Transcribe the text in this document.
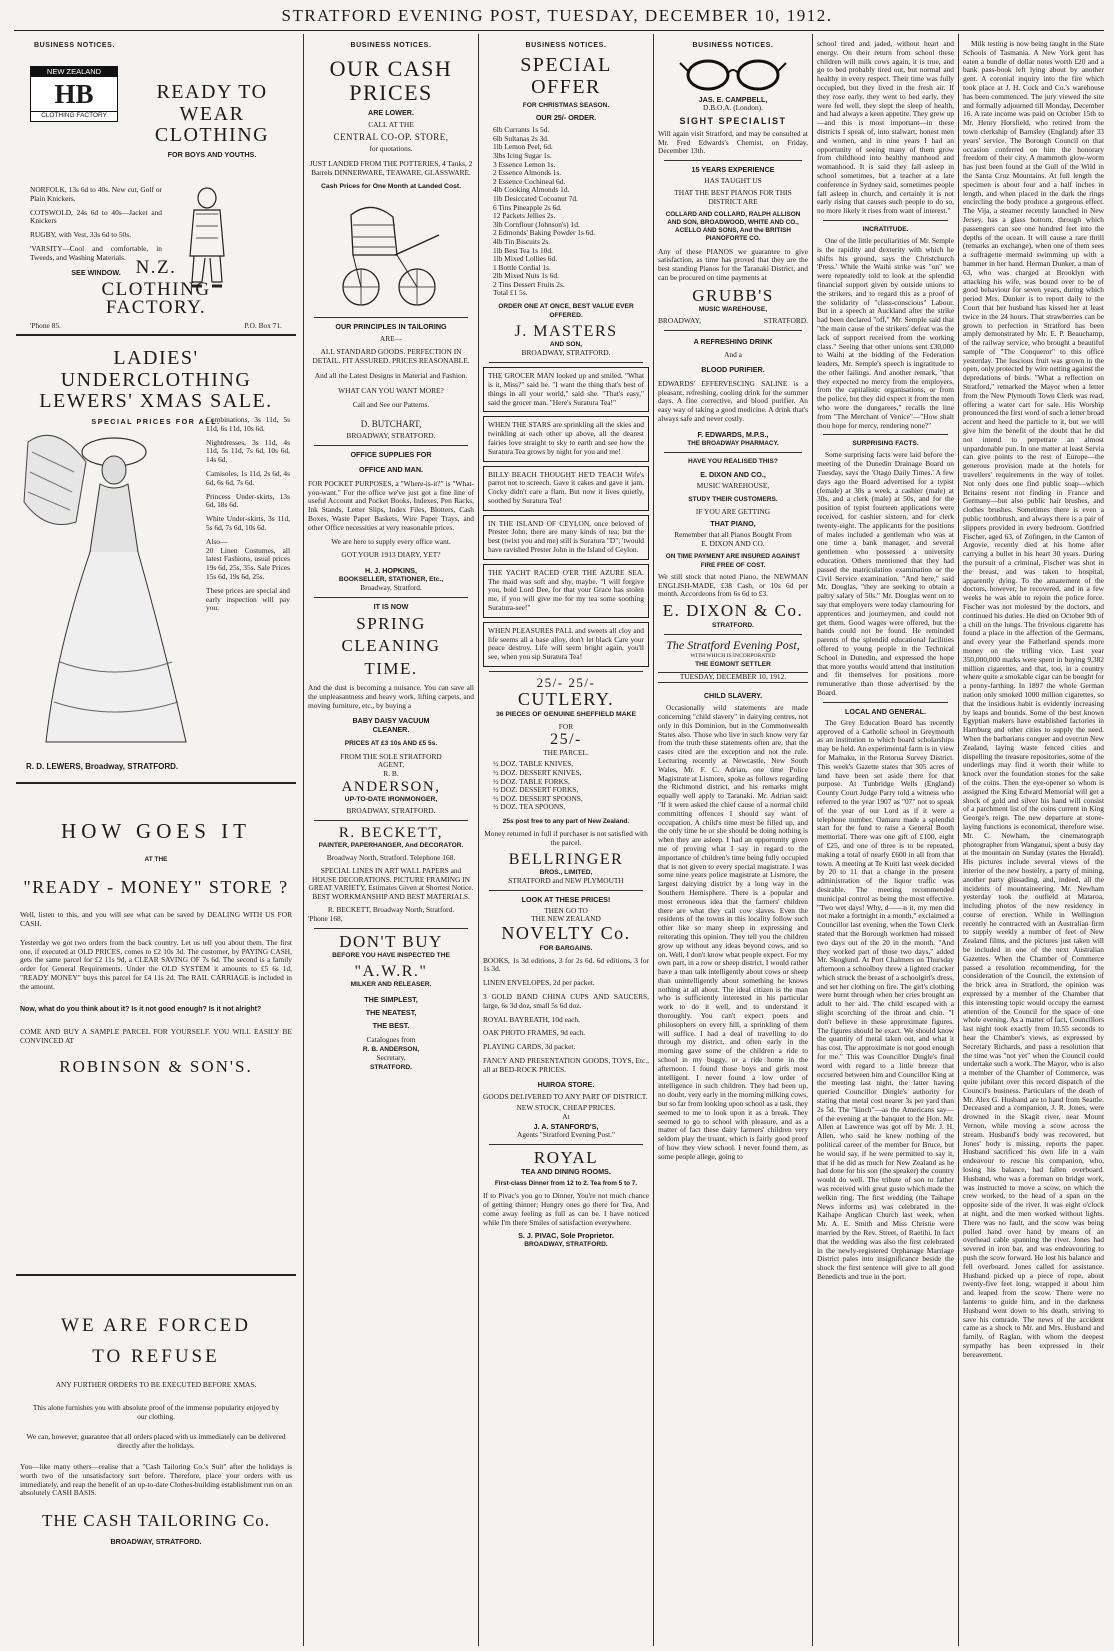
STRATFORD EVENING POST, TUESDAY, DECEMBER 10, 1912.
BUSINESS NOTICES.
NEW ZEALAND
HB
CLOTHING FACTORY
READY TO
WEAR
CLOTHING
FOR BOYS AND YOUTHS.
NORFOLK, 13s 6d to 40s. New cut, Golf or Plain Knickers.
COTSWOLD, 24s 6d to 40s—Jacket and Knickers
RUGBY, with Vest, 33s 6d to 50s.
'VARSITY—Cool and comfortable, in Tweeds, and Washing Materials.
SEE WINDOW. N.Z.
CLOTHING
FACTORY.
'Phone 85.	P.O. Box 71.
LADIES' UNDERCLOTHING
LEWERS' XMAS SALE.
SPECIAL PRICES FOR ALL.
Combinations, 3s 11d, 5s 11d, 6s 11d, 10s 6d.
Nightdresses, 3s 11d, 4s 11d, 5s 11d, 7s 6d, 10s 6d, 14s 6d.
Camisoles, 1s 11d, 2s 6d, 4s 6d, 6s 6d, 7s 6d.
Princess Under-skirts, 13s 6d, 18s 6d.
White Under-skirts, 3s 11d, 5s 6d, 7s 6d, 10s 6d.
Also—
20 Linen Costumes, all latest Fashions, usual prices 19s 6d, 25s, 35s. Sale Prices 15s 6d, 19s 6d, 25s.
These prices are special and early inspection will pay you.
R. D. LEWERS, Broadway, STRATFORD.
HOW GOES IT
AT THE
"READY - MONEY" STORE ?
Well, listen to this, and you will see what can be saved by DEALING WITH US FOR CASH.
Yesterday we got two orders from the back country. Let us tell you about them. The first one, if executed at OLD PRICES, comes to £2 10s 3d. The customer, by PAYING CASH, gets the same parcel for £2 11s 9d, a CLEAR SAVING OF 7s 6d. The second is a family order for General Requirements. Under the OLD SYSTEM it amounts to £5 6s 1d, "READY MONEY" buys this parcel for £4 11s 2d. The RAIL CARRIAGE is included in the amount.
Now, what do you think about it? Is it not good enough? Is it not alright?
COME AND BUY A SAMPLE PARCEL FOR YOURSELF. YOU WILL EASILY BE CONVINCED AT
ROBINSON & SON'S.
WE ARE FORCED
TO REFUSE
ANY FURTHER ORDERS TO BE EXECUTED BEFORE XMAS.
This alone furnishes you with absolute proof of the immense popularity enjoyed by our clothing.
We can, however, guarantee that all orders placed with us immediately can be delivered directly after the holidays.
You—like many others—realise that a "Cash Tailoring Co.'s Suit" after the holidays is worth two of the unsatisfactory sort before. Therefore, place your orders with us immediately, and reap the benefit of an up-to-date Clothes-building establishment run on an absolutely CASH BASIS.
THE CASH TAILORING Co.
BROADWAY, STRATFORD.
BUSINESS NOTICES.
OUR CASH
PRICES
ARE LOWER.
CALL AT THE
CENTRAL CO-OP. STORE,
for quotations.
JUST LANDED FROM THE POTTERIES, 4 Tanks, 2 Barrels DINNERWARE, TEAWARE, GLASSWARE.
Cash Prices for One Month at Landed Cost.
OUR PRINCIPLES IN TAILORING
ARE—
ALL STANDARD GOODS. PERFECTION IN DETAIL. FIT ASSURED. PRICES REASONABLE.
And all the Latest Designs in Material and Fashion.
WHAT CAN YOU WANT MORE?
Call and See our Patterns.
D. BUTCHART,
BROADWAY, STRATFORD.
OFFICE SUPPLIES FOR
OFFICE AND MAN.
FOR POCKET PURPOSES, a "Where-is-it?" is "What-you-want." For the office we've just got a fine line of useful Account and Pocket Books, Indexes, Pen Racks, Ink Stands, Letter Slips, Index Files, Blotters, Cash Boxes, Waste Paper Baskets, Wire Paper Trays, and other Office necessities at very reasonable prices.
We are here to supply every office want.
GOT YOUR 1913 DIARY, YET?
H. J. HOPKINS,
BOOKSELLER, STATIONER, Etc.,
Broadway, Stratford.
IT IS NOW
SPRING
CLEANING
TIME.
And the dust is becoming a nuisance. You can save all the unpleasantness and heavy work, lifting carpets, and moving furniture, etc., by buying a
BABY DAISY VACUUM
CLEANER.
PRICES AT £3 10s AND £5 5s.
FROM THE SOLE STRATFORD
AGENT,
R. B.
ANDERSON,
UP-TO-DATE IRONMONGER,
BROADWAY, STRATFORD.
R. BECKETT,
PAINTER, PAPERHANGER, And DECORATOR.
Broadway North, Stratford. Telephone 168.
SPECIAL LINES IN ART WALL PAPERS and HOUSE DECORATIONS. PICTURE FRAMING IN GREAT VARIETY. Estimates Given at Shortest Notice. BEST WORKMANSHIP AND BEST MATERIALS.
R. BECKETT, Broadway North, Stratford.
'Phone 168,
DON'T BUY
BEFORE YOU HAVE INSPECTED THE
"A.W.R."
MILKER AND RELEASER.
THE SIMPLEST,
THE NEATEST,
THE BEST.
Catalogues from
R. B. ANDERSON,
Secretary,
STRATFORD.
BUSINESS NOTICES.
SPECIAL
OFFER
FOR CHRISTMAS SEASON.
OUR 25/- ORDER.
6lb Currants 1s 5d.
6lb Sultanas 2s 3d.
1lb Lemon Peel, 6d.
3lbs Icing Sugar 1s.
3 Essence Lemon 1s.
2 Essence Almonds 1s.
2 Essence Cochineal 6d.
4lb Cooking Almonds 1d.
1lb Desiccated Cocoanut 7d.
6 Tins Pineapple 2s 6d.
12 Packets Jellies 2s.
3lb Cornflour (Johnson's) 1d.
2 Edmonds' Baking Powder 1s 6d.
4lb Tin Biscuits 2s.
1lb Best Tea 1s 10d.
1lb Mixed Lollies 6d.
1 Bottle Cordial 1s.
2lb Mixed Nuts 1s 6d.
2 Tins Dessert Fruits 2s.
Total £1 5s.
ORDER ONE AT ONCE, BEST VALUE EVER OFFERED.
J. MASTERS
AND SON,
BROADWAY, STRATFORD.
THE GROCER MAN looked up and smiled. "What is it, Miss?" said he. "I want the thing that's best of things in all your world," said she. "That's easy," said the grocer man. "Here's Suratura Tea!"
WHEN THE STARS are sprinkling all the skies and twinkling at each other up above, all the dearest fairies love straight to sky to earth and see how the Suratura Tea grows by night for you and me!
BILLY BEACH THOUGHT HE'D TEACH Wife's parrot not to screech. Gave it cakes and gave it jam. Cocky didn't care a flam. But now it lives quietly, soothed by Suratura Tea!
IN THE ISLAND OF CEYLON, once beloved of Prester John, there are many kinds of tea; but the best (twixt you and me) still is Suratura "D"; 'twould have ravished Prester John in the Island of Ceylon.
THE YACHT RACED O'ER THE AZURE SEA. The maid was soft and shy, maybe. "I will forgive you, bold Lord Dee, for that your Grace has stolen me, if you will give me for my tea some soothing Suratura-see!"
WHEN PLEASURES PALL and sweets all cloy and life seems all a base alloy, don't let black Care your peace destroy. Life will seem bright again, you'll see, when you sip Suratura Tea!
25/- 25/-
CUTLERY.
36 PIECES OF GENUINE SHEFFIELD MAKE
FOR
25/-
THE PARCEL.
½ DOZ. TABLE KNIVES,
½ DOZ. DESSERT KNIVES,
½ DOZ. TABLE FORKS,
½ DOZ. DESSERT FORKS,
½ DOZ. DESSERT SPOONS,
½ DOZ. TEA SPOONS,
25s post free to any part of New Zealand.
Money returned in full if purchaser is not satisfied with the parcel.
BELLRINGER
BROS., LIMITED,
STRATFORD and NEW PLYMOUTH
LOOK AT THESE PRICES!
THEN GO TO
THE NEW ZEALAND
NOVELTY Co.
FOR BARGAINS.
BOOKS, 1s 3d editions, 3 for 2s 6d. 6d editions, 3 for 1s 3d.
LINEN ENVELOPES, 2d per packet.
3 GOLD BAND CHINA CUPS AND SAUCERS, large, 6s 3d doz, small 5s 6d doz.
ROYAL BAYREATH, 10d each.
OAK PHOTO FRAMES, 9d each.
PLAYING CARDS, 3d packet.
FANCY AND PRESENTATION GOODS, TOYS, Etc., all at BED-ROCK PRICES.
HUIROA STORE.
GOODS DELIVERED TO ANY PART OF DISTRICT.
NEW STOCK, CHEAP PRICES.
At
J. A. STANFORD'S,
Agents "Stratford Evening Post."
ROYAL
TEA AND DINING ROOMS.
First-class Dinner from 12 to 2. Tea from 5 to 7.
If to Pivac's you go to Dinner, You're not much chance of getting thinner; Hungry ones go there for Tea, And come away feeling as full as can be. I have noticed while I'm there Smiles of satisfaction everywhere.
S. J. PIVAC, Sole Proprietor.
BROADWAY, STRATFORD.
BUSINESS NOTICES.
JAS. E. CAMPBELL,
D.B.O.A. (London).
SIGHT SPECIALIST
Will again visit Stratford, and may be consulted at Mr. Fred Edwards's Chemist, on Friday, December 13th.
15 YEARS EXPERIENCE
HAS TAUGHT US
THAT THE BEST PIANOS FOR THIS DISTRICT ARE
COLLARD AND COLLARD, RALPH ALLISON AND SON, BROADWOOD, WHITE AND CO., ACELLO AND SONS, And the BRITISH PIANOFORTE CO.
Any of these PIANOS we guarantee to give satisfaction, as time has proved that they are the best standing Pianos for the Taranaki District, and can be procured on time payments at
GRUBB'S
MUSIC WAREHOUSE,
BROADWAY,	STRATFORD.
A REFRESHING DRINK
And a
BLOOD PURIFIER.
EDWARDS' EFFERVESCING SALINE is a pleasant, refreshing, cooling drink for the summer days. A fine corrective, and blood purifier. An easy way of taking a good medicine. A drink that's always safe and never costly.
F. EDWARDS, M.P.S.,
THE BROADWAY PHARMACY.
HAVE YOU REALISED THIS?
E. DIXON AND CO.,
MUSIC WAREHOUSE,
STUDY THEIR CUSTOMERS.
IF YOU ARE GETTING
THAT PIANO,
Remember that all Pianos Bought From
E. DIXON AND CO.
ON TIME PAYMENT ARE INSURED AGAINST FIRE FREE OF COST.
We still stock that noted Piano, the NEWMAN ENGLISH-MADE, £38 Cash, or 10s 6d per month. Accordeons from 6s 6d to £3.
E. DIXON & Co.
STRATFORD.
The Stratford Evening Post,
WITH WHICH IS INCORPORATED
THE EGMONT SETTLER
TUESDAY, DECEMBER 10, 1912.
CHILD SLAVERY.
Occasionally wild statements are made concerning "child slavery" in dairying centres, not only in this Dominion, but in the Commonwealth States also. Those who live in such know very far from the truth these statements often are, that the cases cited are the exception and not the rule. Lecturing recently at Newcastle, New South Wales, Mr. F. C. Adrian, one time Police Magistrate at Lismore, spoke as follows regarding the Richmond district, and his remarks might equally well apply to Taranaki. Mr. Adrian said: "If it were asked the chief cause of a normal child committing offences I should say want of occupation. A child's time must be filled up, and the only time he or she should be doing nothing is when they are asleep. I had an opportunity given me of proving what I say in regard to the importance of children's time being fully occupied that is not given to every special magistrate. I was some nine years police magistrate at Lismore, the largest dairying district by a long way in the Southern Hemisphere. There is a popular and most erroneous idea that the farmers' children there are what they call cow slaves. Even the residents of the towns in this locality follow such other like so many sheep in expressing and reiterating this opinion. They tell you the children grow up without any ideas beyond cows, and so on. Well, I don't know what people expect. For my own part, in a row or sheep district, I would rather have a man talk intelligently about cows or sheep than unintelligently about something he knows nothing at all about. The ideal citizen is the man who is sufficiently interested in his particular work to do it well, and to understand it thoroughly. You can't expect poets and philosophers on every hill, a sprinkling of them will suffice. I had a deal of travelling to do through my district, and often early in the morning gave some of the children a ride to school in my buggy, or a ride home in the afternoon. I found those boys and girls most intelligent. I never found a low order of intelligence in such children. They had been up, no doubt, very early in the morning milking cows, but so far from looking upon school as a task, they seemed to me to look upon it as a break. They seemed to go to school with pleasure, and as a matter of fact these dairy farmers' children very seldom play the truant, which is fairly good proof of how they view school. I never found them, as some people allege, going to
school tired and jaded, without heart and energy. On their return from school these children will milk cows again, it is true, and go to bed probably tired out, but normal and healthy in every respect. Their time was fully occupied, but they lived in the fresh air. If they rose early, they went to bed early, they were fed well, they slept the sleep of health, and had always a keen appetite. They grew up—and this is most important—in these districts I speak of, into stalwart, honest men and women, and in nine years I had an opportunity of seeing many of them grow from childhood into healthy manhood and womanhood. It is said they fall asleep in school sometimes, but a teacher at a late conference in Sydney said, sometimes people fall asleep in church, and certainly it is not early rising that causes such people to do so, no more likely it rises from want of interest."
INCRATITUDE.
One of the little peculiarities of Mr. Semple is the rapidity and dexterity with which he shifts his ground, says the Christchurch 'Press.' While the Waihi strike was "on" we were repeatedly told to look at the splendid financial support given by outside unions to the strikers, and to regard this as a proof of the solidarity of "class-conscious" Labour. But in a speech at Auckland after the strike had been declared "off," Mr. Semple said that "the main cause of the strikers' defeat was the lack of support received from the working class." Seeing that other unions sent £30,000 to Waihi at the bidding of the Federation leaders, Mr. Semple's speech is ingratitude to the other failings. And another remark, "that they expected no mercy from the employers, from the capitalistic organisations, or from the police, but they did expect it from the men who wore the dungarees," recalls the line from "The Merchant of Venice"—"How shalt thou hope for mercy, rendering none?"
SURPRISING FACTS.
Some surprising facts were laid before the meeting of the Dunedin Drainage Board on Tuesday, says the 'Otago Daily Times.' A few days ago the Board advertised for a typist (female) at 30s a week, a cashier (male) at 30s, and a clerk (male) at 50s, and for the position of typist fourteen applications were received, for cashier sixteen, and for clerk twenty-eight. The applicants for the positions of males included a gentleman who was at one time a bank manager, and several gentlemen who possessed a university education. Others mentioned that they had passed the matriculation examination or the Civil Service examination. "And here," said Mr. Douglas, "they are seeking to obtain a paltry salary of 50s." Mr. Douglas went on to say that employers were today clamouring for apprentices and journeymen, and could not get them. Good wages were offered, but the hands could not be found. He reminded parents of the splendid educational facilities offered to young people in the Technical School in Dunedin, and expressed the hope that more youths would attend that institution and fit themselves for positions more remunerative than those advertised by the Board.
LOCAL AND GENERAL.
The Grey Education Board has recently approved of a Catholic school in Greymouth as an institution to which board scholarships may be held. An experimental farm is in view for Mamaku, in the Rotorua Survey District. This week's Gazette states that 305 acres of land have been set aside there for that purpose. At Tunbridge Wells (England) County Court Judge Parry told a witness who referred to the year 1907 as "07" not to speak of the year of our Lord as if it were a telephone number. Oamaru made a splendid start for the fund to raise a General Booth memorial. There was one gift of £100, eight of £25, and one of three is to be repeated, making a total of nearly £600 in all from that town. A meeting at Te Kuiti last week decided by 20 to 11 that a change in the present administration of the liquor traffic was desirable. The meeting recommended municipal control as being the most effective. "Two wet days! Why, d——n it, my men did not make a fortnight in a month," exclaimed a Councillor last evening, when the Town Clerk stated that the Borough workmen had missed two days out of the 20 in the month. "And they worked part of those two days," added Mr. Skoglund. At Port Chalmers on Thursday afternoon a schoolboy threw a lighted cracker which struck the breast of a schoolgirl's dress, and set her clothing on fire. The girl's clothing were burnt through when her cries brought an adult to her aid. The child escaped with a slight scorching of the throat and chin. "I don't believe in these approximate figures. The figures should be exact. We should know the quantity of metal taken out, and what it has cost. The approximate is not good enough for me." This was Councillor Dingle's final word with regard to a little breeze that occurred between him and Councillor King at the meeting last night, the latter having queried Councillor Dingle's authority for stating that metal cost nearer 3s per yard than 2s 5d. The "kinch"—as the Americans say—of the evening at the banquet to the Hon. Mr. Allen at Lawrence was got off by Mr. J. H. Allen, who said he knew nothing of the political career of the member for Bruce, but he would say, if he were permitted to say it, that if he did as much for New Zealand as he had done for his son (the speaker) the country would do well. The tribute of son to father was received with great gusto which made the welkin ring. The first wedding (the Taihape News informs us) was celebrated in the Kaihape Anglican Church last week, when Mr. A. E. Smith and Miss Christie were married by the Rev. Street, of Raetihi. In fact that the wedding was also the first celebrated in the newly-registered Orphanage Marriage District pales into insignificance beside the shock the first sentence will give to all good Benedicts and true in the port.
Milk testing is now being taught in the State Schools of Tasmania. A New York gent has eaten a bundle of dollar notes worth £20 and a bank pass-book left lying about by another gent. A coronial inquiry into the fire which took place at J. H. Cock and Co.'s warehouse has been commenced. The jury viewed the site and formally adjourned till Monday, December 16. A rate income was paid on October 15th to Mr. Henry Horsfield, who retired from the town clerkship of Barnsley (England) after 33 years' service. The Borough Council on that occasion conferred on him the honorary freedom of their city. A mammoth glow-worm has just been found at the Gull of the Wild in the Santa Cruz Mountains. At full length the specimen is about four and a half inches in length, and when placed in the dark the rings encircling the body produce a gorgeous effect. The Vija, a steamer recently launched in New Jersey, has a glass bottom, through which passengers can see one hundred feet into the depths of the ocean. It will cause a rare thrill (remarks an exchange), when one of them sees a suffragette mermaid swimming up with a hammer in her hand. Herman Dunker, a man of 63, who was charged at Brooklyn with attacking his wife, was bound over to be of good behaviour for seven years, during which period Mrs. Dunker is to report daily to the Court that her husband has kissed her at least twice in the 24 hours. That strawberries can be grown to perfection in Stratford has been amply demonstrated by Mr. E. P. Beauchamp, of the railway service, who brought a beautiful sample of "The Conqueror" to this office yesterday. The luscious fruit was grown in the open, only protected by wire netting against the depredations of birds. "What a reflection on Stratford," remarked the Mayor when a letter from the New Plymouth Town Clerk was read, offering a water cart for sale. His Worship pronounced the first word of such a letter broad accent and heed the particle to it, but we will give him the benefit of the doubt that he did not intend to perpetrate an almost unpardonable pun. In one matter at least Servia can give points to the rest of Europe—the generous provision made at the hotels for travellers' requirements in the way of toilet. Not only does one find public soap—which Britains resent not finding in France and Germany—but also public hair brushes, and clothes brushes. Sometimes there is even a public toothbrush, and always there is a pair of slippers provided in every bedroom. Gottfried Fischer, aged 63, of Zofingen, in the Canton of Argovie, recently died at his home after carrying a bullet in his heart 30 years. During the pursuit of a criminal, Fischer was shot in the breast, and was taken to hospital, apparently dying. To the amazement of the doctors, however, he recovered, and in a few weeks he was able to rejoin the police force. Fischer was not molested by the doctors, and continued his duties. He died on October 9th of a chill on the lungs. The frivolous cigarette has found a place in the affection of the Germans, and every year the Fatherland spends more money on the trifling vice. Last year 350,000,000 marks were spent in buying 9,382 million cigarettes, and that, too, in a country where quite a smokable cigar can be bought for a penny-farthing. In 1897 the whole German nation only smoked 1000 million cigarettes, so that the insidious habit is evidently increasing by leaps and bounds. Some of the best known Egyptian makers have established factories in Hamburg and other cities to supply the need. When the barbarians conquer and overrun New Zealand, laying waste fenced cities and dispelling the treasure repositories, some of the underlings may find it worth their while to knock over the foundation stones for the sake of the coins. Then the eye-opener so whom is assigned the King Edward Memorial will get a shock of gold and silver his hand will consist of a parchment list of the coins current in King George's reign. The new departure at stone-laying functions is economical, therefore wise. Mr. C. Newham, the cinematograph photographer from Wanganui, spent a busy day at the mountain on Sunday (states the Herald). His pictures include several views of the interior of the new hostelry, a party of mining, another party glissading, and, indeed, all the incidents of mountaineering. Mr. Newham yesterday took the outfield at Mataroa, including photos of the new residency in course of erection. While in Wellington recently he contracted with an Australian firm to supply weekly a number of feet of New Zealand films, and the pictures just taken will be included in one of the next Australian Gazettes. When the Chamber of Commerce passed a resolution recommending, for the consideration of the Council, the extension of the brick area in Stratford, the opinion was expressed by a member of the Chamber that this interesting topic would occupy the earnest attention of the Council for the space of one whole evening. As a matter of fact, Councillors last night took exactly from 10.55 seconds to hear the Chamber's views, as expressed by Secretary Richards, and pass a resolution that the time was "not yet" when the Council could undertake such a work. The Mayor, who is also a member of the Chamber of Commerce, was quite jubilant over this record dispatch of the Council's business. Particulars of the death of Mr. Alex G. Husband are to hand from Seattle. Deceased and a companion, J. R. Jones, were drowned in the Skagit river, near Mount Vernon, while moving a scow across the stream. Husband's body was recovered, but Jones' body is missing, reports the paper. Husband sacrificed his own life in a vain endeavour to rescue his companion, who, losing his balance, had fallen overboard. Husband, who was a foreman on bridge work, was instructed to move a scow, on which the crew worked, to the head of a span on the opposite side of the river. It was eight o'clock at night, and the men worked without lights. There was no fault, and the scow was being pulled hand over hand by means of an overhead cable spanning the river. Jones had severed in iron bar, and was endeavouring to push the scow forward. He lost his balance and fell overboard. Jones called for assistance. Husband picked up a piece of rope, about twenty-five feet long, wrapped it about him and leaped from the scow. There were no lanterns to guide him, and in the darkness Husband went down to his death, striving to save his comrade. The news of the accident came as a shock to Mr. and Mrs. Husband and family, of Raglan, with whom the deepest sympathy has been expressed in their bereavement.
